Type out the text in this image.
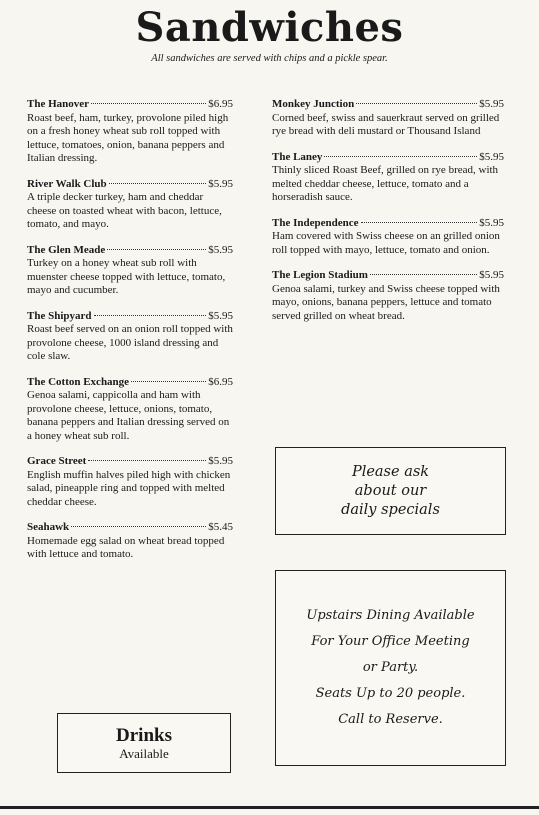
Sandwiches

All sandwiches are served with chips and a pickle spear.

The Hanover	$6.95

Roast beef, ham, turkey, provolone piled high on a fresh honey wheat sub roll topped with lettuce, tomatoes, onion, banana peppers and Italian dressing.

River Walk Club	$5.95

A triple decker turkey, ham and cheddar cheese on toasted wheat with bacon, lettuce, tomato, and mayo.

The Glen Meade	$5.95

Turkey on a honey wheat sub roll with muenster cheese topped with lettuce, tomato, mayo and cucumber.

The Shipyard	$5.95

Roast beef served on an onion roll topped with provolone cheese, 1000 island dressing and cole slaw.

The Cotton Exchange	$6.95

Genoa salami, cappicolla and ham with provolone cheese, lettuce, onions, tomato, banana peppers and Italian dressing served on a honey wheat sub roll.

Grace Street	$5.95

English muffin halves piled high with chicken salad, pineapple ring and topped with melted cheddar cheese.

Seahawk	$5.45

Homemade egg salad on wheat bread topped with lettuce and tomato.

Monkey Junction	$5.95

Corned beef, swiss and sauerkraut served on grilled rye bread with deli mustard or Thousand Island

The Laney	$5.95

Thinly sliced Roast Beef, grilled on rye bread, with melted cheddar cheese, lettuce, tomato and a horseradish sauce.

The Independence	$5.95

Ham covered with Swiss cheese on an grilled onion roll topped with mayo, lettuce, tomato and onion.

The Legion Stadium	$5.95

Genoa salami, turkey and Swiss cheese topped with mayo, onions, banana peppers, lettuce and tomato served grilled on wheat bread.

Please ask

about our

daily specials

Upstairs Dining Available

For Your Office Meeting

or Party.

Seats Up to 20 people.

Call to Reserve.

Drinks
Available
